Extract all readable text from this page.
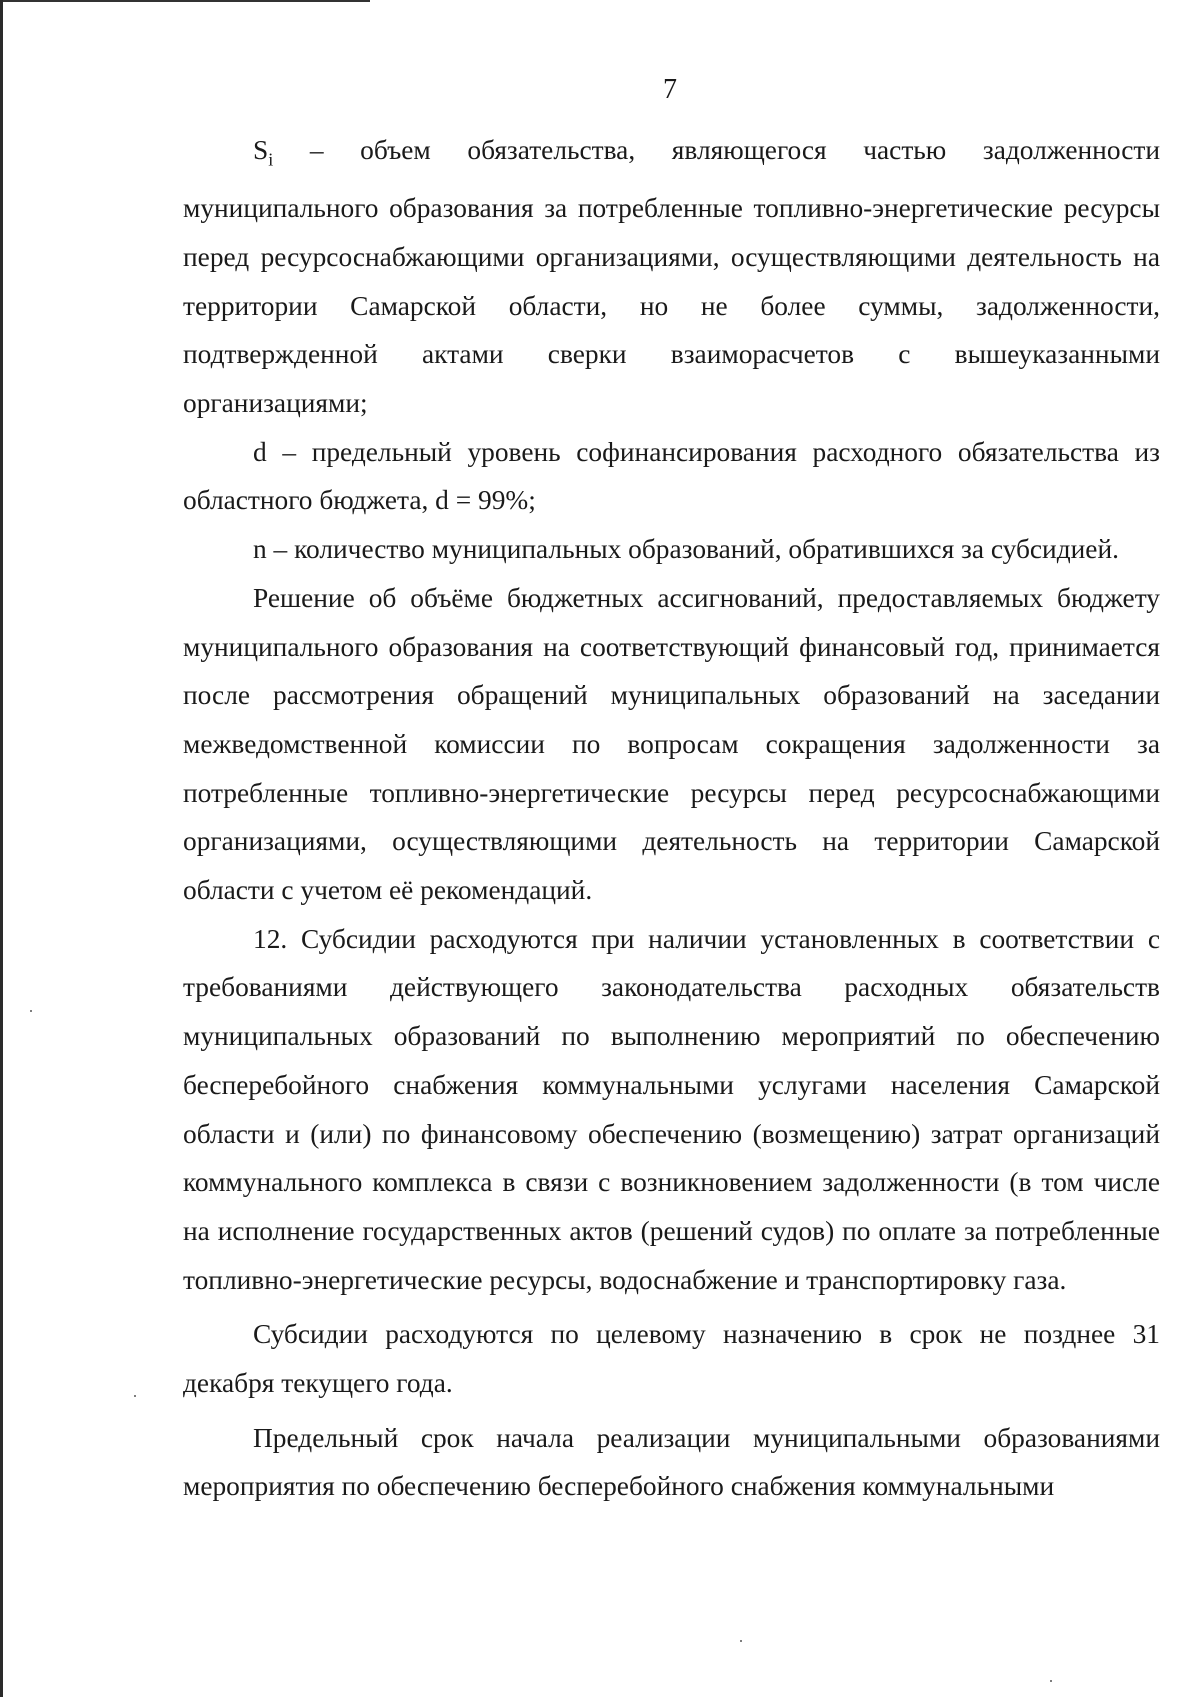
7

$S_i$ – объем обязательства, являющегося частью задолженности муниципального образования за потребленные топливно-энергетические ресурсы перед ресурсоснабжающими организациями, осуществляющими деятельность на территории Самарской области, но не более суммы, задолженности, подтвержденной актами сверки взаиморасчетов с вышеуказанными организациями;

d – предельный уровень софинансирования расходного обязательства из областного бюджета, d = 99%;

n – количество муниципальных образований, обратившихся за субсидией.

Решение об объёме бюджетных ассигнований, предоставляемых бюджету муниципального образования на соответствующий финансовый год, принимается после рассмотрения обращений муниципальных образований на заседании межведомственной комиссии по вопросам сокращения задолженности за потребленные топливно-энергетические ресурсы перед ресурсоснабжающими организациями, осуществляющими деятельность на территории Самарской области с учетом её рекомендаций.

12. Субсидии расходуются при наличии установленных в соответствии с требованиями действующего законодательства расходных обязательств муниципальных образований по выполнению мероприятий по обеспечению бесперебойного снабжения коммунальными услугами населения Самарской области и (или) по финансовому обеспечению (возмещению) затрат организаций коммунального комплекса в связи с возникновением задолженности (в том числе на исполнение государственных актов (решений судов) по оплате за потребленные топливно-энергетические ресурсы, водоснабжение и транспортировку газа.

Субсидии расходуются по целевому назначению в срок не позднее 31 декабря текущего года.

Предельный срок начала реализации муниципальными образованиями мероприятия по обеспечению бесперебойного снабжения коммунальными
